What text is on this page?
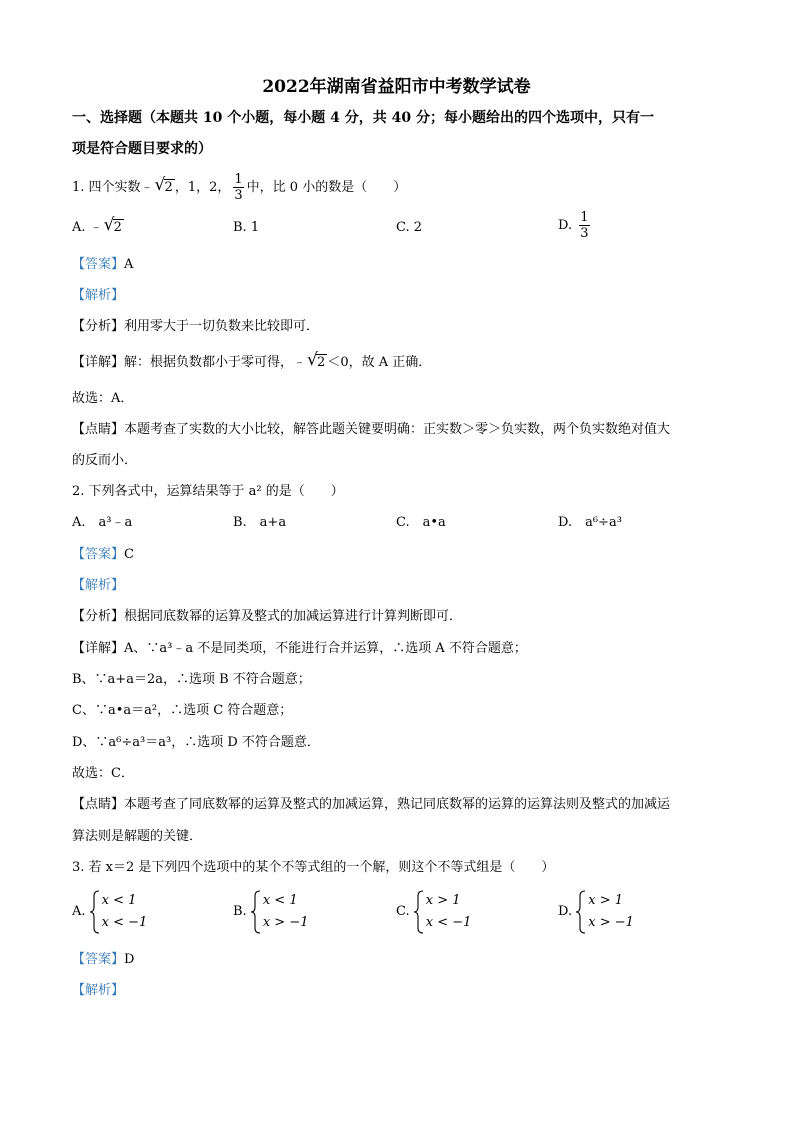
2022年湖南省益阳市中考数学试卷
一、选择题（本题共 10 个小题，每小题 4 分，共 40 分；每小题给出的四个选项中，只有一
项是符合题目要求的）
1. 四个实数﹣ √ 2 ，1，2， $\frac{1}{3}$ 中，比 0 小的数是（　　）
A. ﹣ √ 2	B. 1	C. 2	D. $\frac{1}{3}$
【答案】A
【解析】
【分析】利用零大于一切负数来比较即可．
【详解】解：根据负数都小于零可得，﹣ √ 2 ＜0，故 A 正确．
故选：A．
【点睛】本题考查了实数的大小比较，解答此题关键要明确：正实数＞零＞负实数，两个负实数绝对值大
的反而小．
2. 下列各式中，运算结果等于 a² 的是（　　）
A.　a³﹣a	B.　a+a	C.　a•a	D.　a⁶÷a³
【答案】C
【解析】
【分析】根据同底数幂的运算及整式的加减运算进行计算判断即可．
【详解】A、∵a³﹣a 不是同类项，不能进行合并运算，∴选项 A 不符合题意；
B、∵a+a＝2a，∴选项 B 不符合题意；
C、∵a•a＝a²，∴选项 C 符合题意；
D、∵a⁶÷a³＝a³，∴选项 D 不符合题意．
故选：C．
【点睛】本题考查了同底数幂的运算及整式的加减运算，熟记同底数幂的运算的运算法则及整式的加减运
算法则是解题的关键．
3. 若 x＝2 是下列四个选项中的某个不等式组的一个解，则这个不等式组是（　　）
A.
x < 1
x < −1
B.
x < 1
x > −1
C.
x > 1
x < −1
D.
x > 1
x > −1
【答案】D
【解析】
